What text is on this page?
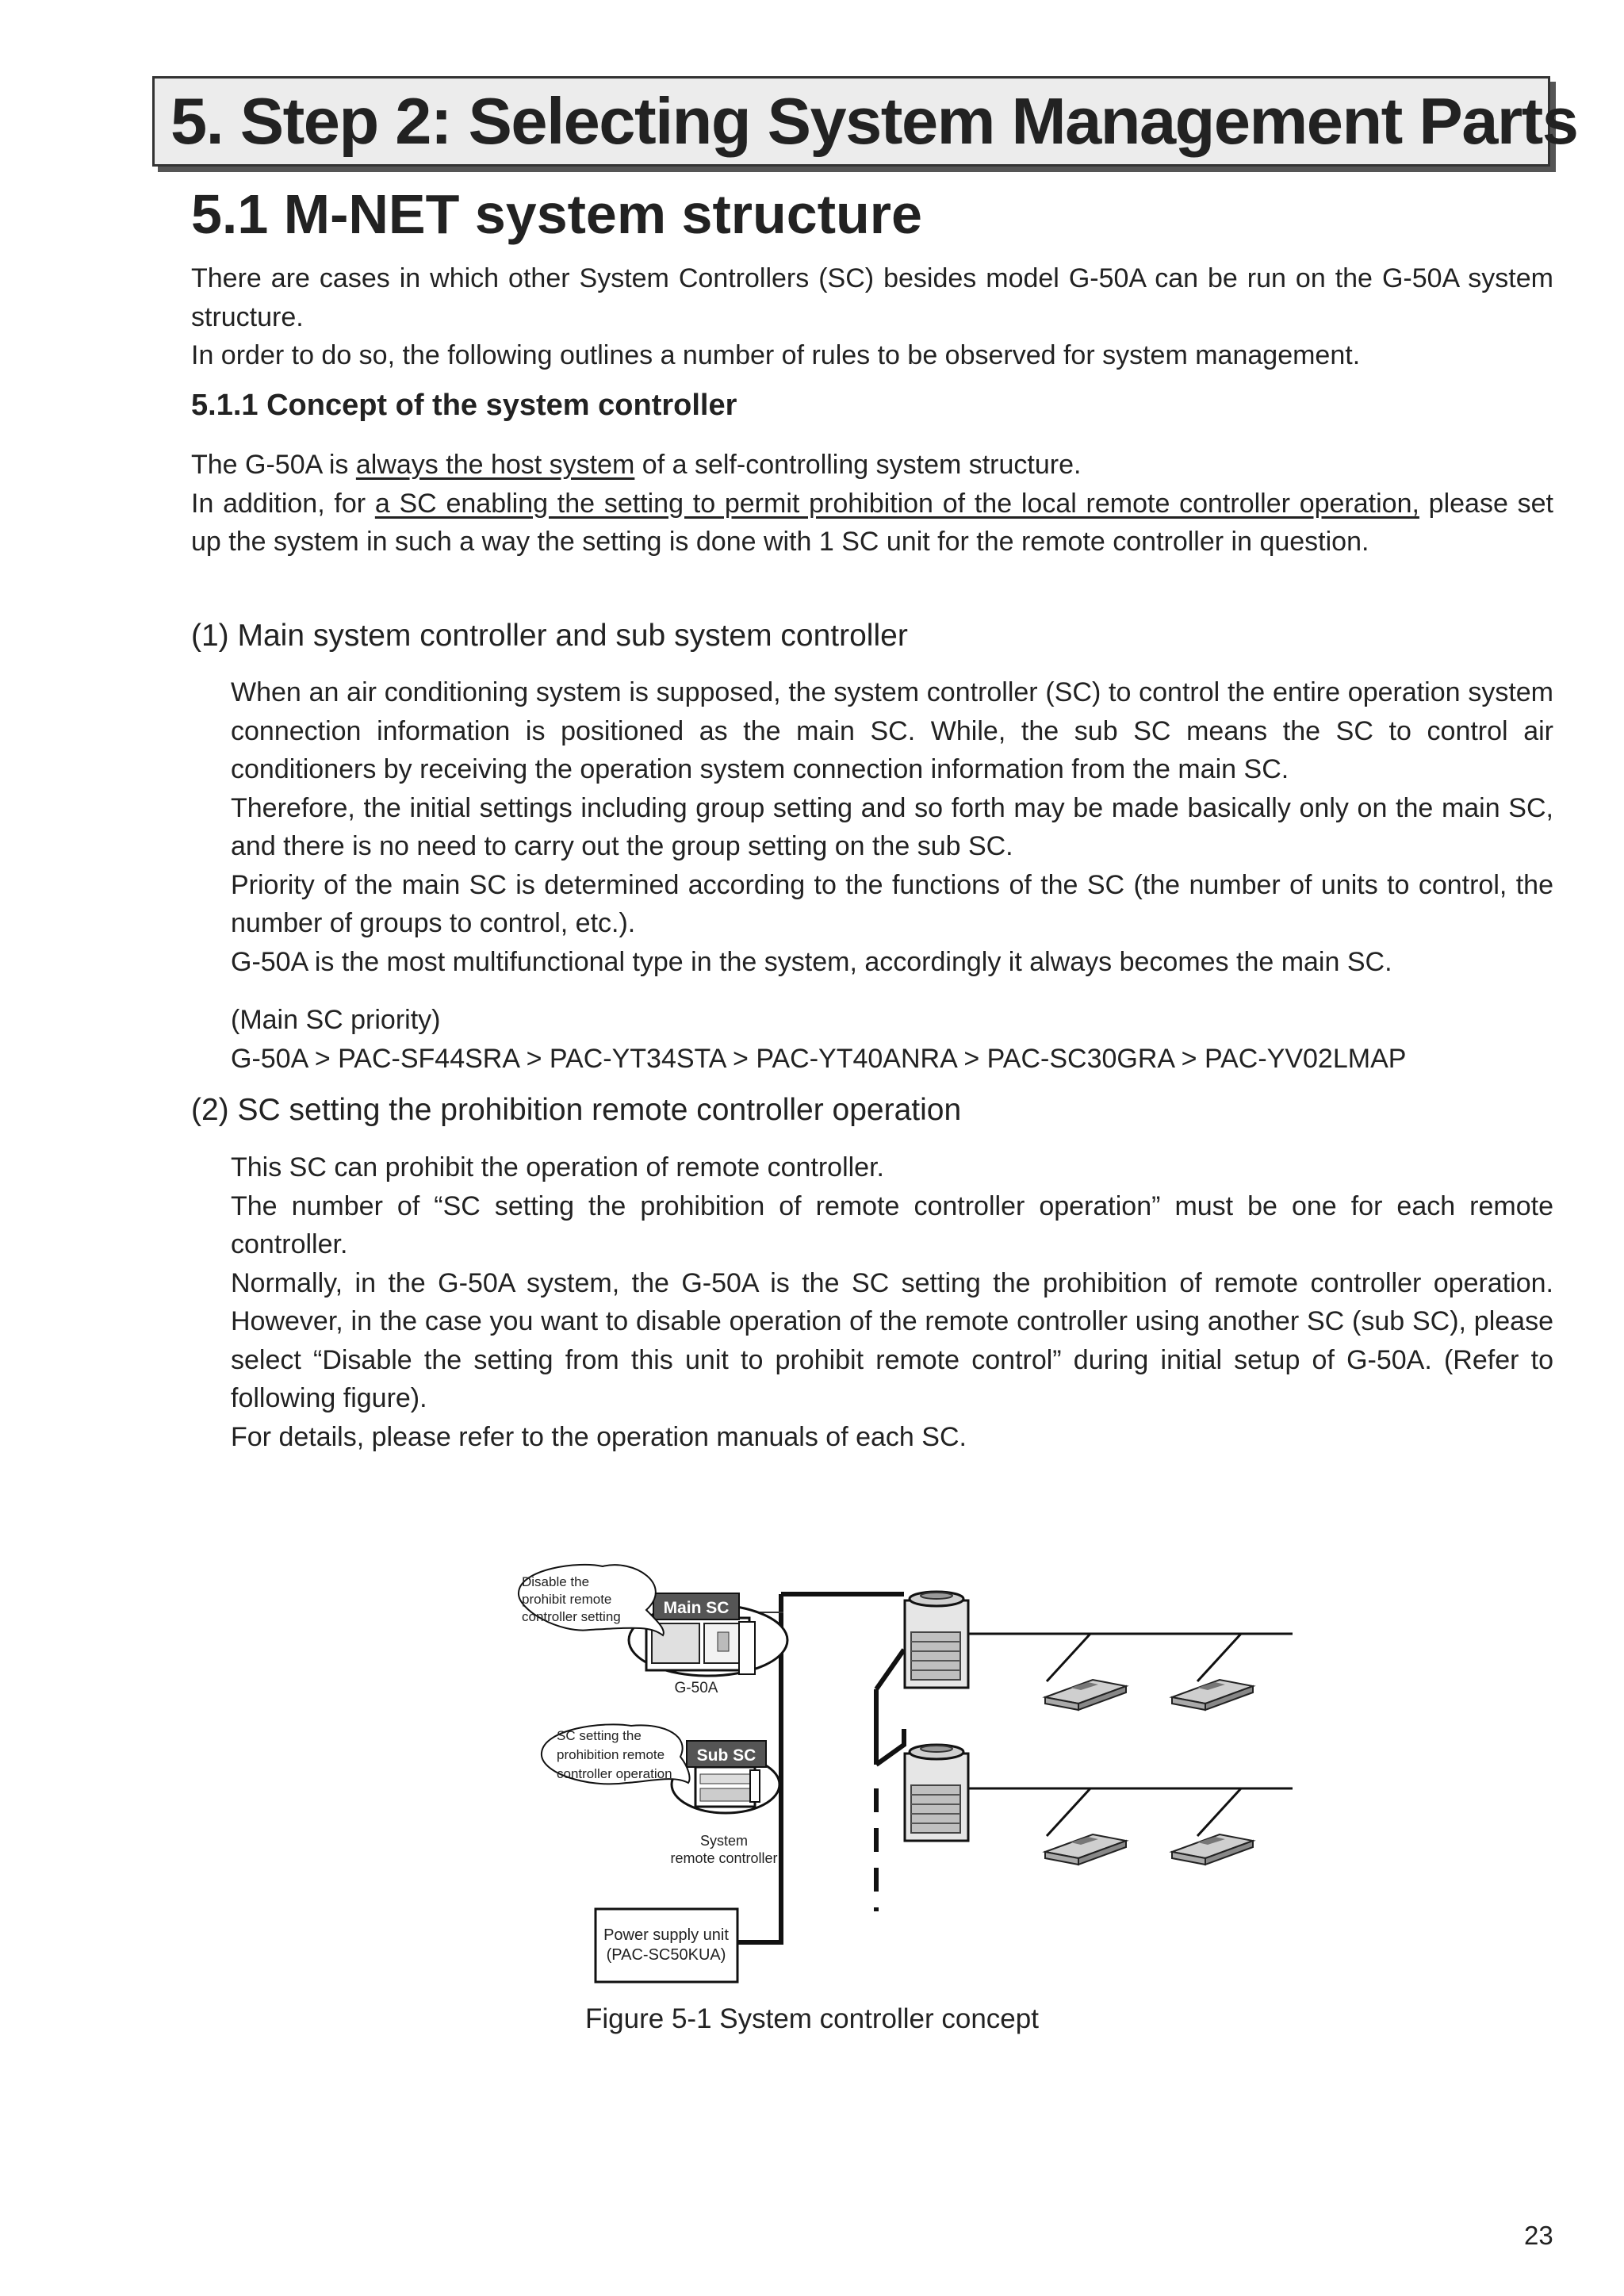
5. Step 2: Selecting System Management Parts
5.1 M-NET system structure

There are cases in which other System Controllers (SC) besides model G-50A can be run on the G-50A system structure.

In order to do so, the following outlines a number of rules to be observed for system management.

5.1.1 Concept of the system controller

The G-50A is always the host system of a self-controlling system structure.

In addition, for a SC enabling the setting to permit prohibition of the local remote controller operation, please set up the system in such a way the setting is done with 1 SC unit for the remote controller in question.

(1) Main system controller and sub system controller

When an air conditioning system is supposed, the system controller (SC) to control the entire operation system connection information is positioned as the main SC. While, the sub SC means the SC to control air conditioners by receiving the operation system connection information from the main SC.

Therefore, the initial settings including group setting and so forth may be made basically only on the main SC, and there is no need to carry out the group setting on the sub SC.

Priority of the main SC is determined according to the functions of the SC (the number of units to control, the number of groups to control, etc.).

G-50A is the most multifunctional type in the system, accordingly it always becomes the main SC.

(Main SC priority)

G-50A > PAC-SF44SRA > PAC-YT34STA > PAC-YT40ANRA > PAC-SC30GRA > PAC-YV02LMAP

(2) SC setting the prohibition remote controller operation

This SC can prohibit the operation of remote controller.

The number of “SC setting the prohibition of remote controller operation” must be one for each remote controller.

Normally, in the G-50A system, the G-50A is the SC setting the prohibition of remote controller operation. However, in the case you want to disable operation of the remote controller using another SC (sub SC), please select “Disable the setting from this unit to prohibit remote control” during initial setup of G-50A. (Refer to following figure).

For details, please refer to the operation manuals of each SC.

Main SC
G-50A
Disable the
prohibit remote
controller setting
Sub SC
System
remote controller
SC setting the
prohibition remote
controller operation
Power supply unit
(PAC-SC50KUA)
Figure 5-1 System controller concept
23
